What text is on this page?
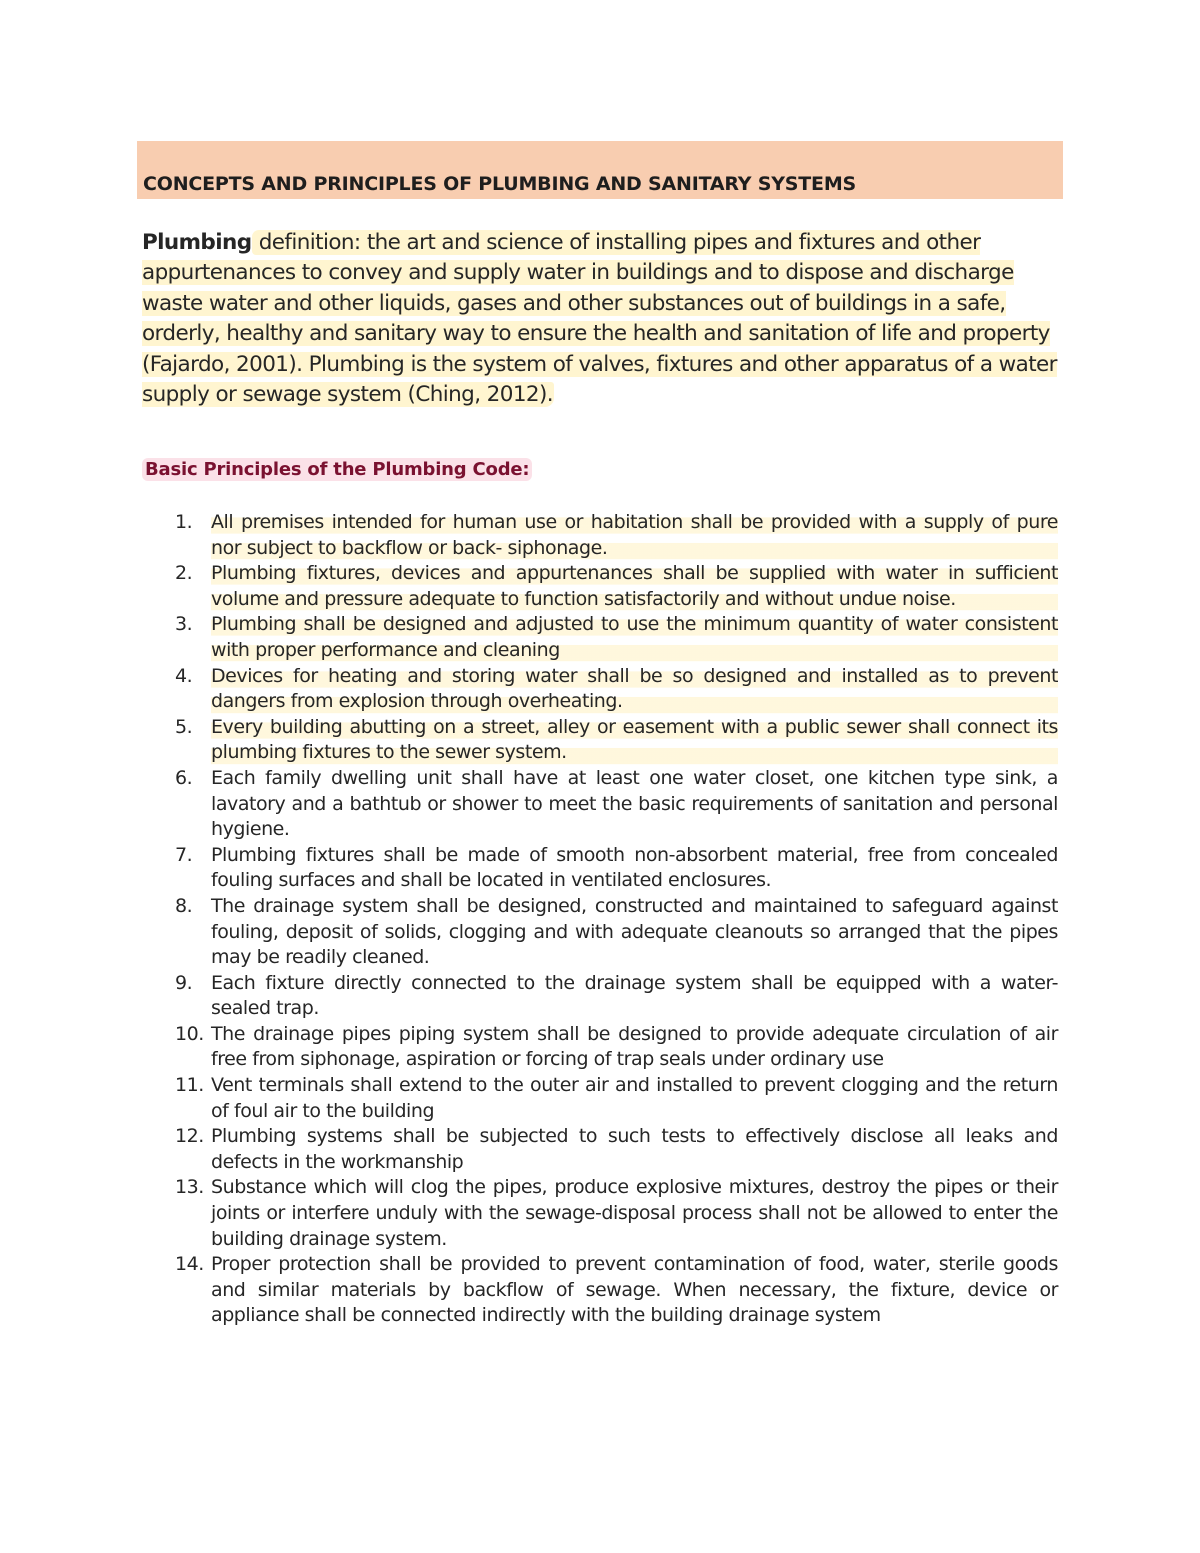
CONCEPTS AND PRINCIPLES OF PLUMBING AND SANITARY SYSTEMS

Plumbing definition: the art and science of installing pipes and fixtures and other appurtenances to convey and supply water in buildings and to dispose and discharge waste water and other liquids, gases and other substances out of buildings in a safe, orderly, healthy and sanitary way to ensure the health and sanitation of life and property (Fajardo, 2001). Plumbing is the system of valves, fixtures and other apparatus of a water supply or sewage system (Ching, 2012).

Basic Principles of the Plumbing Code:
1. All premises intended for human use or habitation shall be provided with a supply of pure nor subject to backflow or back- siphonage.
2. Plumbing fixtures, devices and appurtenances shall be supplied with water in sufficient volume and pressure adequate to function satisfactorily and without undue noise.
3. Plumbing shall be designed and adjusted to use the minimum quantity of water consistent with proper performance and cleaning
4. Devices for heating and storing water shall be so designed and installed as to prevent dangers from explosion through overheating.
5. Every building abutting on a street, alley or easement with a public sewer shall connect its plumbing fixtures to the sewer system.
6. Each family dwelling unit shall have at least one water closet, one kitchen type sink, a lavatory and a bathtub or shower to meet the basic requirements of sanitation and personal hygiene.
7. Plumbing fixtures shall be made of smooth non-absorbent material, free from concealed fouling surfaces and shall be located in ventilated enclosures.
8. The drainage system shall be designed, constructed and maintained to safeguard against fouling, deposit of solids, clogging and with adequate cleanouts so arranged that the pipes may be readily cleaned.
9. Each fixture directly connected to the drainage system shall be equipped with a water-sealed trap.
10. The drainage pipes piping system shall be designed to provide adequate circulation of air free from siphonage, aspiration or forcing of trap seals under ordinary use
11. Vent terminals shall extend to the outer air and installed to prevent clogging and the return of foul air to the building
12. Plumbing systems shall be subjected to such tests to effectively disclose all leaks and defects in the workmanship
13. Substance which will clog the pipes, produce explosive mixtures, destroy the pipes or their joints or interfere unduly with the sewage-disposal process shall not be allowed to enter the building drainage system.
14. Proper protection shall be provided to prevent contamination of food, water, sterile goods and similar materials by backflow of sewage. When necessary, the fixture, device or appliance shall be connected indirectly with the building drainage system
